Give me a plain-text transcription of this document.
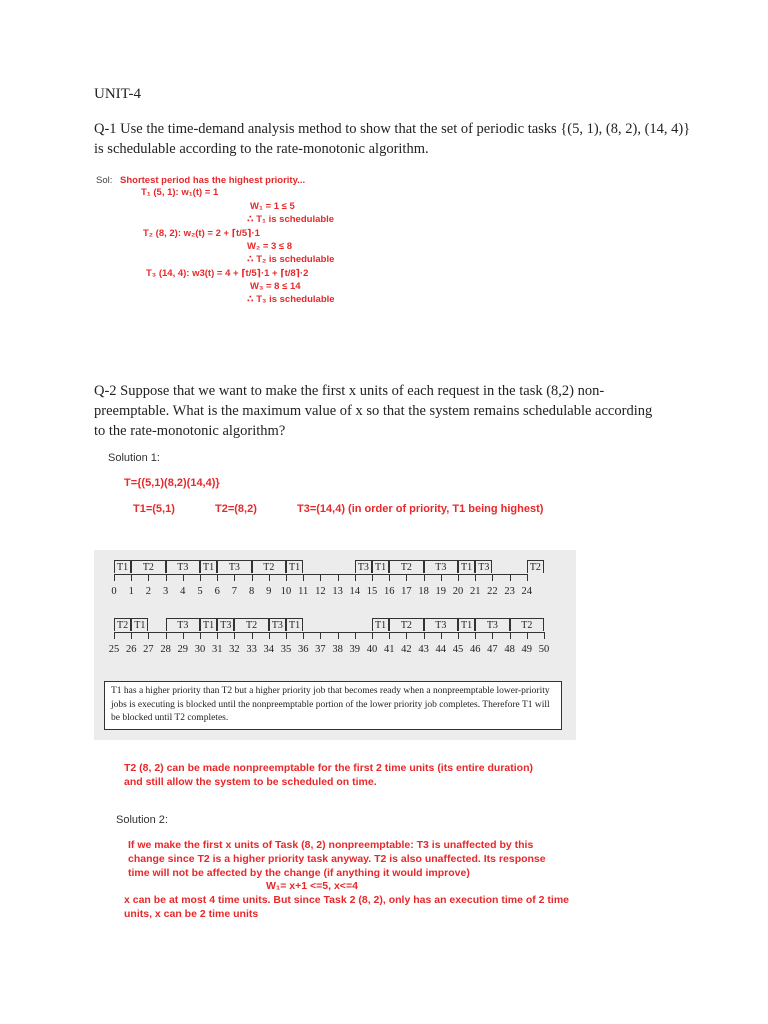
UNIT-4
Q-1 Use the time-demand analysis method to show that the set of periodic tasks {(5, 1), (8, 2), (14, 4)} is schedulable according to the rate-monotonic algorithm.
Sol: Shortest period has the highest priority...
T₁ (5, 1): w₁(t) = 1
W₁ = 1 ≤ 5
∴ T₁ is schedulable
T₂ (8, 2): w₂(t) = 2 + ⌈t/5⌉·1
W₂ = 3 ≤ 8
∴ T₂ is schedulable
T₃ (14, 4): w3(t) = 4 + ⌈t/5⌉·1 + ⌈t/8⌉·2
W₃ = 8 ≤ 14
∴ T₃ is schedulable
Q-2 Suppose that we want to make the first x units of each request in the task (8,2) non-preemptable. What is the maximum value of x so that the system remains schedulable according to the rate-monotonic algorithm?
Solution 1:
T={(5,1)(8,2)(14,4)}
T1=(5,1)	T2=(8,2)	T3=(14,4) (in order of priority, T1 being highest)
T1	T2	T3	T1	T3	T2	T1	T3 T1	T2	T3	T1 T3	T2
0 1 2 3 4 5 6 7 8 9 10 11 12 13 14 15 16 17 18 19 20 21 22 23 24
T2 T1	T3	T1 T3	T2	T3 T1	T1	T2	T3	T1	T3	T2
25 26 27 28 29 30 31 32 33 34 35 36 37 38 39 40 41 42 43 44 45 46 47 48 49 50
T1 has a higher priority than T2 but a higher priority job that becomes ready when a nonpreemptable lower-priority jobs is executing is blocked until the nonpreemptable portion of the lower priority job completes. Therefore T1 will be blocked until T2 completes.
T2 (8, 2) can be made nonpreemptable for the first 2 time units (its entire duration) and still allow the system to be scheduled on time.
Solution 2:
If we make the first x units of Task (8, 2) nonpreemptable: T3 is unaffected by this change since T2 is a higher priority task anyway. T2 is also unaffected. Its response time will not be affected by the change (if anything it would improve)
W₁= x+1 <=5, x<=4
x can be at most 4 time units. But since Task 2 (8, 2), only has an execution time of 2 time units, x can be 2 time units
